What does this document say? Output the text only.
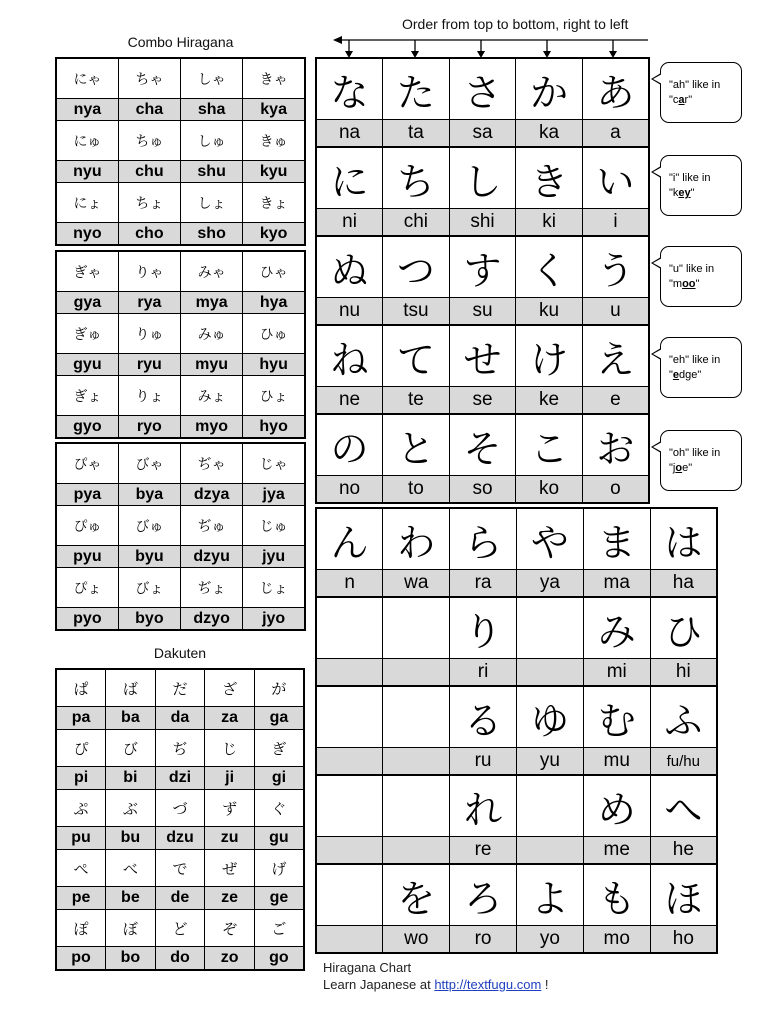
Order from top to bottom, right to left
Combo Hiragana
にゃ	ちゃ	しゃ	きゃ
nya	cha	sha	kya
にゅ	ちゅ	しゅ	きゅ
nyu	chu	shu	kyu
にょ	ちょ	しょ	きょ
nyo	cho	sho	kyo
ぎゃ	りゃ	みゃ	ひゃ
gya	rya	mya	hya
ぎゅ	りゅ	みゅ	ひゅ
gyu	ryu	myu	hyu
ぎょ	りょ	みょ	ひょ
gyo	ryo	myo	hyo
ぴゃ	びゃ	ぢゃ	じゃ
pya	bya	dzya	jya
ぴゅ	びゅ	ぢゅ	じゅ
pyu	byu	dzyu	jyu
ぴょ	びょ	ぢょ	じょ
pyo	byo	dzyo	jyo
Dakuten
ぱ	ば	だ	ざ	が
pa	ba	da	za	ga
ぴ	び	ぢ	じ	ぎ
pi	bi	dzi	ji	gi
ぷ	ぶ	づ	ず	ぐ
pu	bu	dzu	zu	gu
ぺ	べ	で	ぜ	げ
pe	be	de	ze	ge
ぽ	ぼ	ど	ぞ	ご
po	bo	do	zo	go
な	た	さ	か	あ
na	ta	sa	ka	a
に	ち	し	き	い
ni	chi	shi	ki	i
ぬ	つ	す	く	う
nu	tsu	su	ku	u
ね	て	せ	け	え
ne	te	se	ke	e
の	と	そ	こ	お
no	to	so	ko	o
ん	わ	ら	や	ま	は
n	wa	ra	ya	ma	ha
		り		み	ひ
		ri		mi	hi
		る	ゆ	む	ふ
		ru	yu	mu	fu/hu
		れ		め	へ
		re		me	he
	を	ろ	よ	も	ほ
	wo	ro	yo	mo	ho
"ah" like in
"car"
"i" like in
"key"
"u" like in
"moo"
"eh" like in
"edge"
"oh" like in
"joe"
Hiragana Chart
Learn Japanese at http://textfugu.com !
